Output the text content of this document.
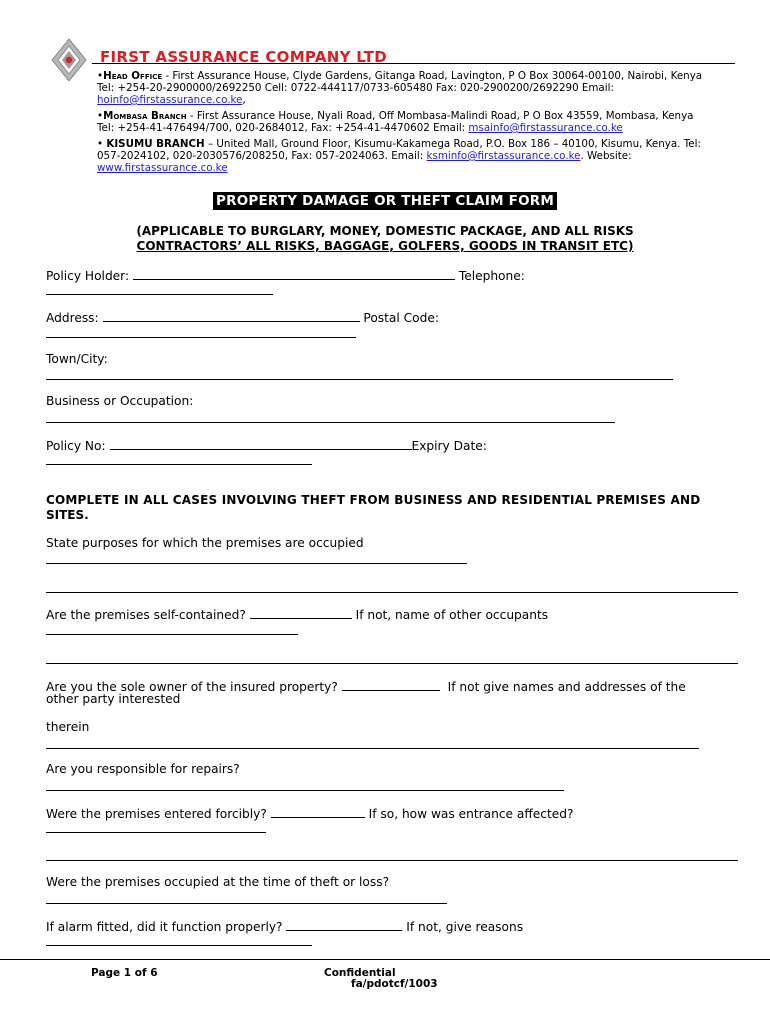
FIRST ASSURANCE COMPANY LTD
•Head Office - First Assurance House, Clyde Gardens, Gitanga Road, Lavington, P O Box 30064-00100, Nairobi, Kenya
Tel: +254-20-2900000/2692250 Cell: 0722-444117/0733-605480 Fax: 020-2900200/2692290 Email:
hoinfo@firstassurance.co.ke,
•Mombasa Branch - First Assurance House, Nyali Road, Off Mombasa-Malindi Road, P O Box 43559, Mombasa, Kenya
Tel: +254-41-476494/700, 020-2684012, Fax: +254-41-4470602 Email: msainfo@firstassurance.co.ke
• KISUMU BRANCH – United Mall, Ground Floor, Kisumu-Kakamega Road, P.O. Box 186 – 40100, Kisumu, Kenya. Tel:
057-2024102, 020-2030576/208250, Fax: 057-2024063. Email: ksminfo@firstassurance.co.ke. Website:
www.firstassurance.co.ke
PROPERTY DAMAGE OR THEFT CLAIM FORM
(APPLICABLE TO BURGLARY, MONEY, DOMESTIC PACKAGE, AND ALL RISKS
CONTRACTORS’ ALL RISKS, BAGGAGE, GOLFERS, GOODS IN TRANSIT ETC)
Policy Holder:	Telephone:
Address:	Postal Code:
Town/City:
Business or Occupation:
Policy No:	Expiry Date:
COMPLETE IN ALL CASES INVOLVING THEFT FROM BUSINESS AND RESIDENTIAL PREMISES AND
SITES.
State purposes for which the premises are occupied
Are the premises self-contained?	If not, name of other occupants
Are you the sole owner of the insured property?	If not give names and addresses of the
other party interested
therein
Are you responsible for repairs?
Were the premises entered forcibly?	If so, how was entrance affected?
Were the premises occupied at the time of theft or loss?
If alarm fitted, did it function properly?	If not, give reasons
Page 1 of 6	Confidential
fa/pdotcf/1003
